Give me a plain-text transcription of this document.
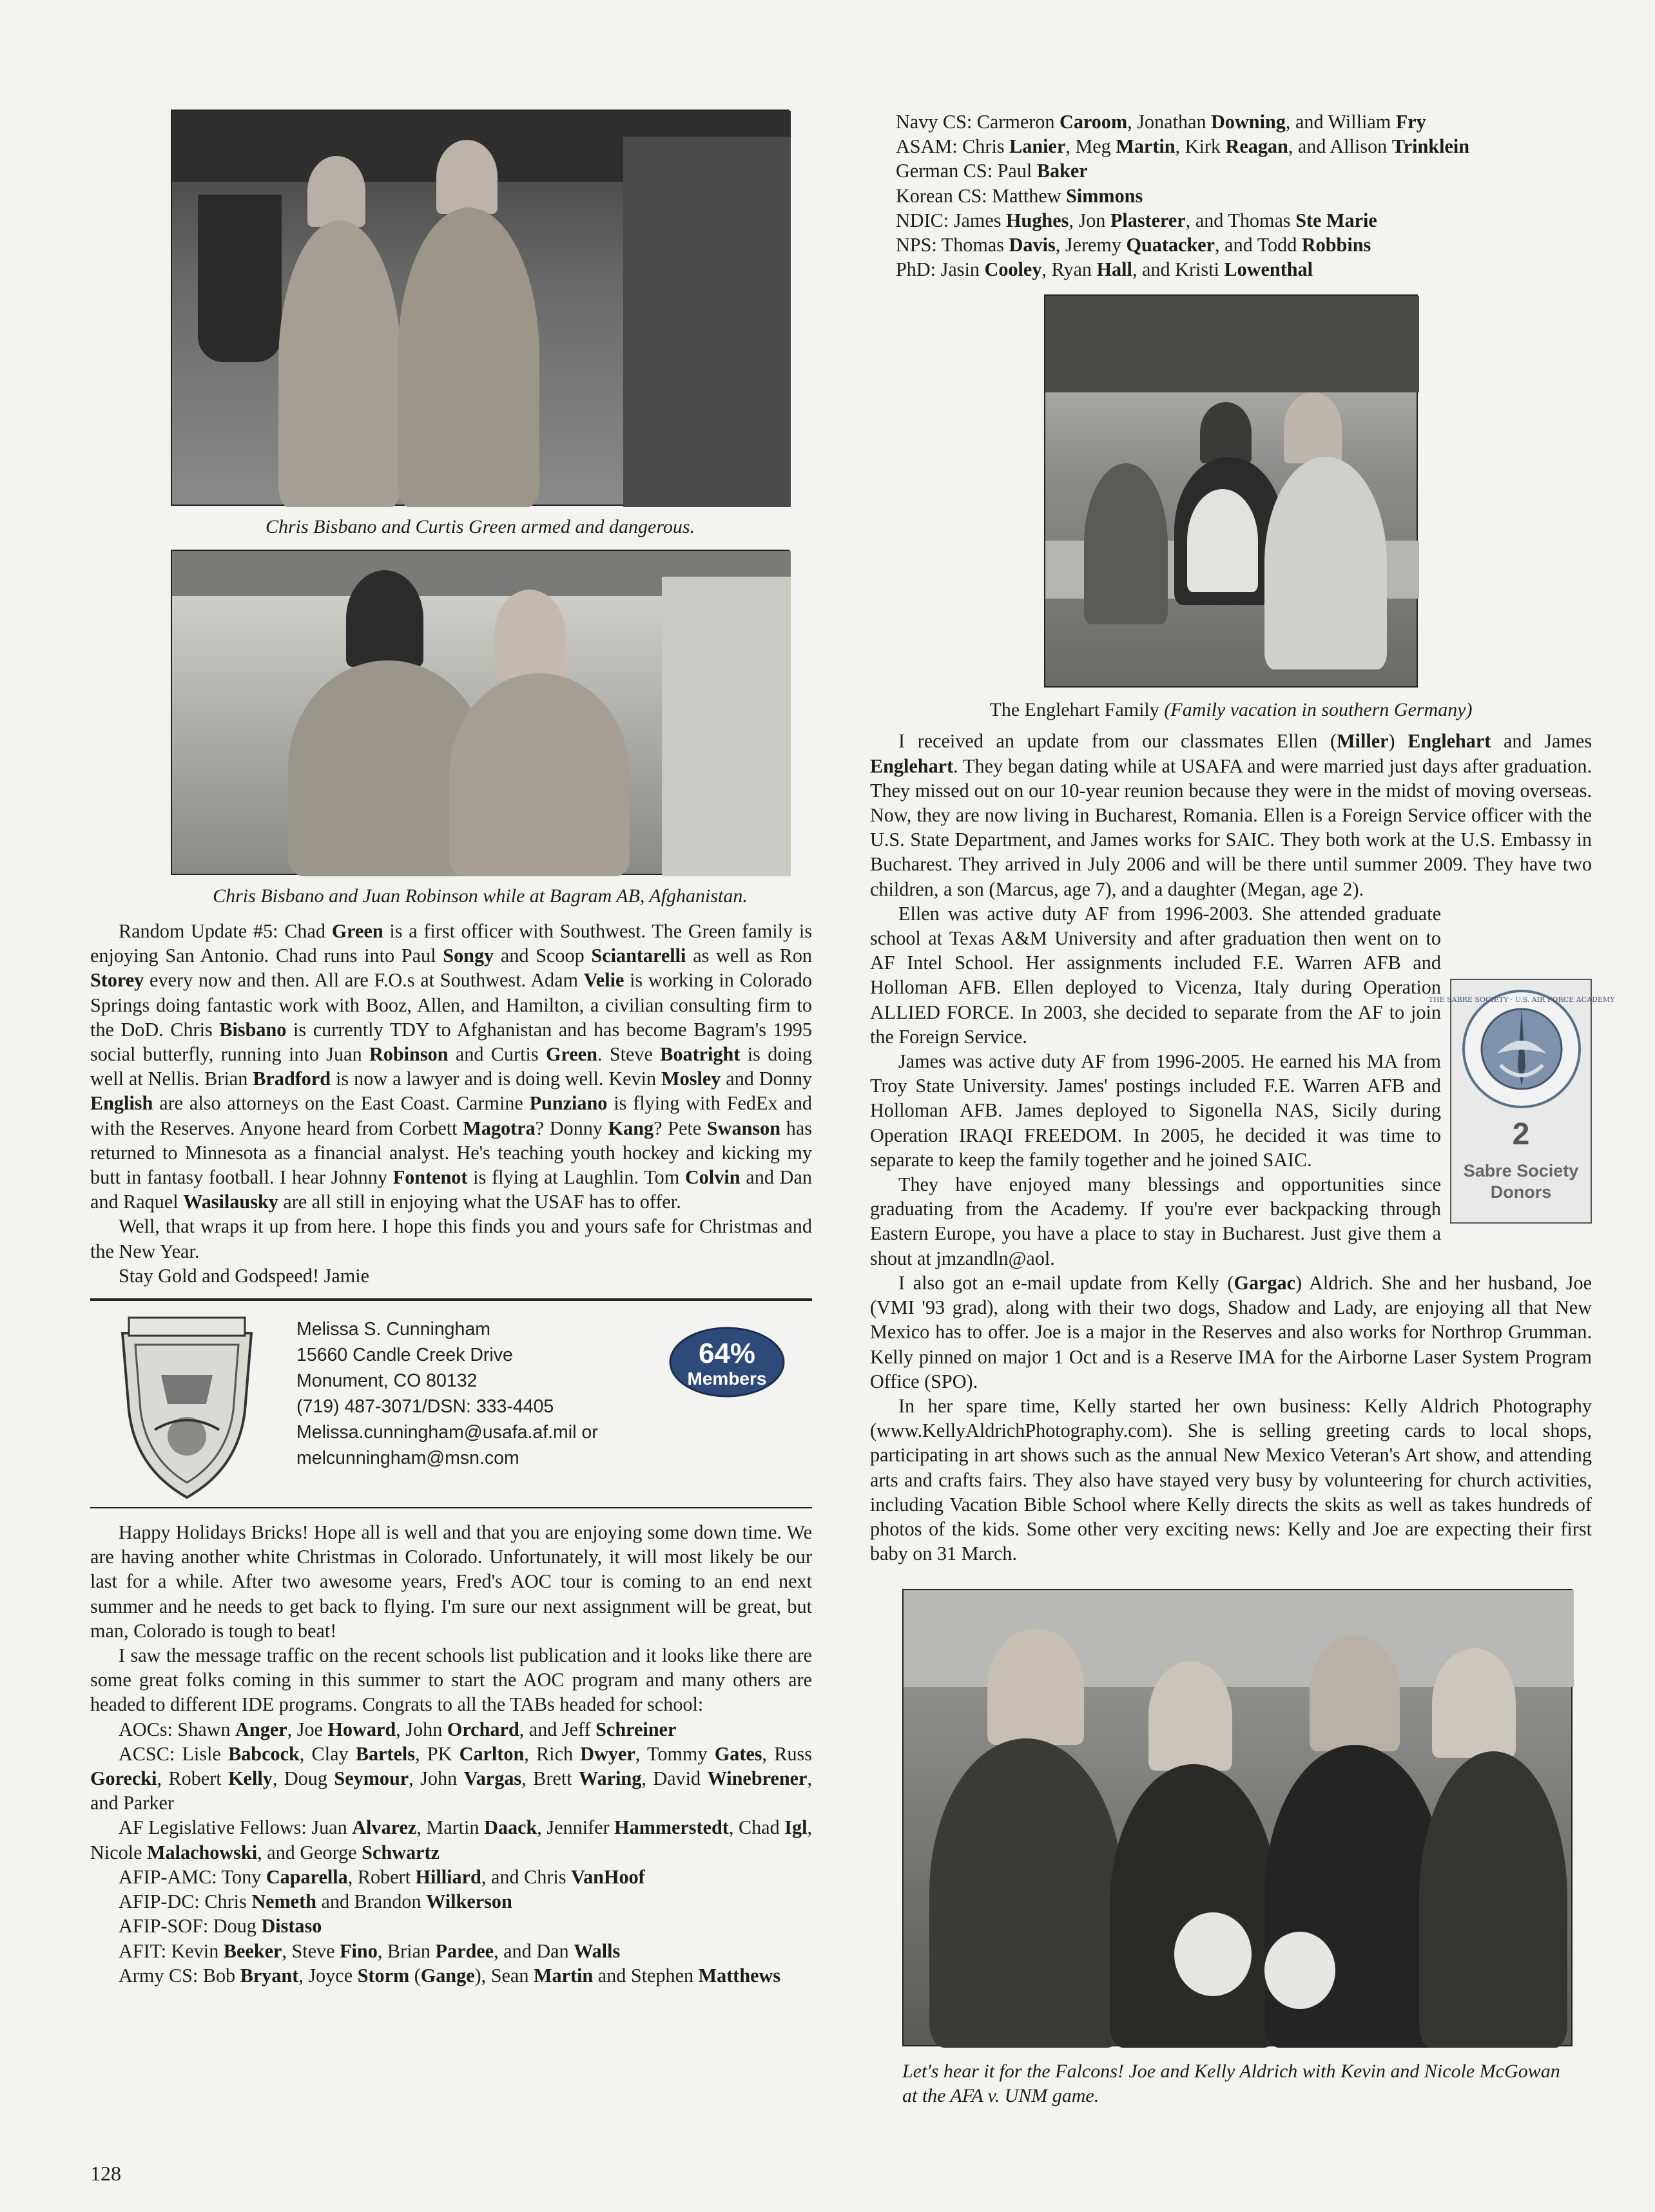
Chris Bisbano and Curtis Green armed and dangerous.
Chris Bisbano and Juan Robinson while at Bagram AB, Afghanistan.
Random Update #5: Chad Green is a first officer with Southwest. The Green family is enjoying San Antonio. Chad runs into Paul Songy and Scoop Sciantarelli as well as Ron Storey every now and then. All are F.O.s at Southwest. Adam Velie is working in Colorado Springs doing fantastic work with Booz, Allen, and Hamilton, a civilian consulting firm to the DoD. Chris Bisbano is currently TDY to Afghanistan and has become Bagram's 1995 social butterfly, running into Juan Robinson and Curtis Green. Steve Boatright is doing well at Nellis. Brian Bradford is now a lawyer and is doing well. Kevin Mosley and Donny English are also attorneys on the East Coast. Carmine Punziano is flying with FedEx and with the Reserves. Anyone heard from Corbett Magotra? Donny Kang? Pete Swanson has returned to Minnesota as a financial analyst. He's teaching youth hockey and kicking my butt in fantasy football. I hear Johnny Fontenot is flying at Laughlin. Tom Colvin and Dan and Raquel Wasilausky are all still in enjoying what the USAF has to offer.
Well, that wraps it up from here. I hope this finds you and yours safe for Christmas and the New Year.
Stay Gold and Godspeed! Jamie
Melissa S. Cunningham
15660 Candle Creek Drive
Monument, CO 80132
(719) 487-3071/DSN: 333-4405
Melissa.cunningham@usafa.af.mil or
melcunningham@msn.com
64%
Members
Happy Holidays Bricks! Hope all is well and that you are enjoying some down time. We are having another white Christmas in Colorado. Unfortunately, it will most likely be our last for a while. After two awesome years, Fred's AOC tour is coming to an end next summer and he needs to get back to flying. I'm sure our next assignment will be great, but man, Colorado is tough to beat!
I saw the message traffic on the recent schools list publication and it looks like there are some great folks coming in this summer to start the AOC program and many others are headed to different IDE programs. Congrats to all the TABs headed for school:
AOCs: Shawn Anger, Joe Howard, John Orchard, and Jeff Schreiner
ACSC: Lisle Babcock, Clay Bartels, PK Carlton, Rich Dwyer, Tommy Gates, Russ Gorecki, Robert Kelly, Doug Seymour, John Vargas, Brett Waring, David Winebrener, and Parker
AF Legislative Fellows: Juan Alvarez, Martin Daack, Jennifer Hammerstedt, Chad Igl, Nicole Malachowski, and George Schwartz
AFIP-AMC: Tony Caparella, Robert Hilliard, and Chris VanHoof
AFIP-DC: Chris Nemeth and Brandon Wilkerson
AFIP-SOF: Doug Distaso
AFIT: Kevin Beeker, Steve Fino, Brian Pardee, and Dan Walls
Army CS: Bob Bryant, Joyce Storm (Gange), Sean Martin and Stephen Matthews
Navy CS: Carmeron Caroom, Jonathan Downing, and William Fry
ASAM: Chris Lanier, Meg Martin, Kirk Reagan, and Allison Trinklein
German CS: Paul Baker
Korean CS: Matthew Simmons
NDIC: James Hughes, Jon Plasterer, and Thomas Ste Marie
NPS: Thomas Davis, Jeremy Quatacker, and Todd Robbins
PhD: Jasin Cooley, Ryan Hall, and Kristi Lowenthal
The Englehart Family (Family vacation in southern Germany)
I received an update from our classmates Ellen (Miller) Englehart and James Englehart. They began dating while at USAFA and were married just days after graduation. They missed out on our 10-year reunion because they were in the midst of moving overseas. Now, they are now living in Bucharest, Romania. Ellen is a Foreign Service officer with the U.S. State Department, and James works for SAIC. They both work at the U.S. Embassy in Bucharest. They arrived in July 2006 and will be there until summer 2009. They have two children, a son (Marcus, age 7), and a daughter (Megan, age 2).
THE SABRE SOCIETY · U.S. AIR FORCE ACADEMY
2
Sabre Society
Donors
Ellen was active duty AF from 1996-2003. She attended graduate school at Texas A&M University and after graduation then went on to AF Intel School. Her assignments included F.E. Warren AFB and Holloman AFB. Ellen deployed to Vicenza, Italy during Operation ALLIED FORCE. In 2003, she decided to separate from the AF to join the Foreign Service.
James was active duty AF from 1996-2005. He earned his MA from Troy State University. James' postings included F.E. Warren AFB and Holloman AFB. James deployed to Sigonella NAS, Sicily during Operation IRAQI FREEDOM. In 2005, he decided it was time to separate to keep the family together and he joined SAIC.
They have enjoyed many blessings and opportunities since graduating from the Academy. If you're ever backpacking through Eastern Europe, you have a place to stay in Bucharest. Just give them a shout at jmzandln@aol.
I also got an e-mail update from Kelly (Gargac) Aldrich. She and her husband, Joe (VMI '93 grad), along with their two dogs, Shadow and Lady, are enjoying all that New Mexico has to offer. Joe is a major in the Reserves and also works for Northrop Grumman. Kelly pinned on major 1 Oct and is a Reserve IMA for the Airborne Laser System Program Office (SPO).
In her spare time, Kelly started her own business: Kelly Aldrich Photography (www.KellyAldrichPhotography.com). She is selling greeting cards to local shops, participating in art shows such as the annual New Mexico Veteran's Art show, and attending arts and crafts fairs. They also have stayed very busy by volunteering for church activities, including Vacation Bible School where Kelly directs the skits as well as takes hundreds of photos of the kids. Some other very exciting news: Kelly and Joe are expecting their first baby on 31 March.
Let's hear it for the Falcons! Joe and Kelly Aldrich with Kevin and Nicole McGowan at the AFA v. UNM game.
128
